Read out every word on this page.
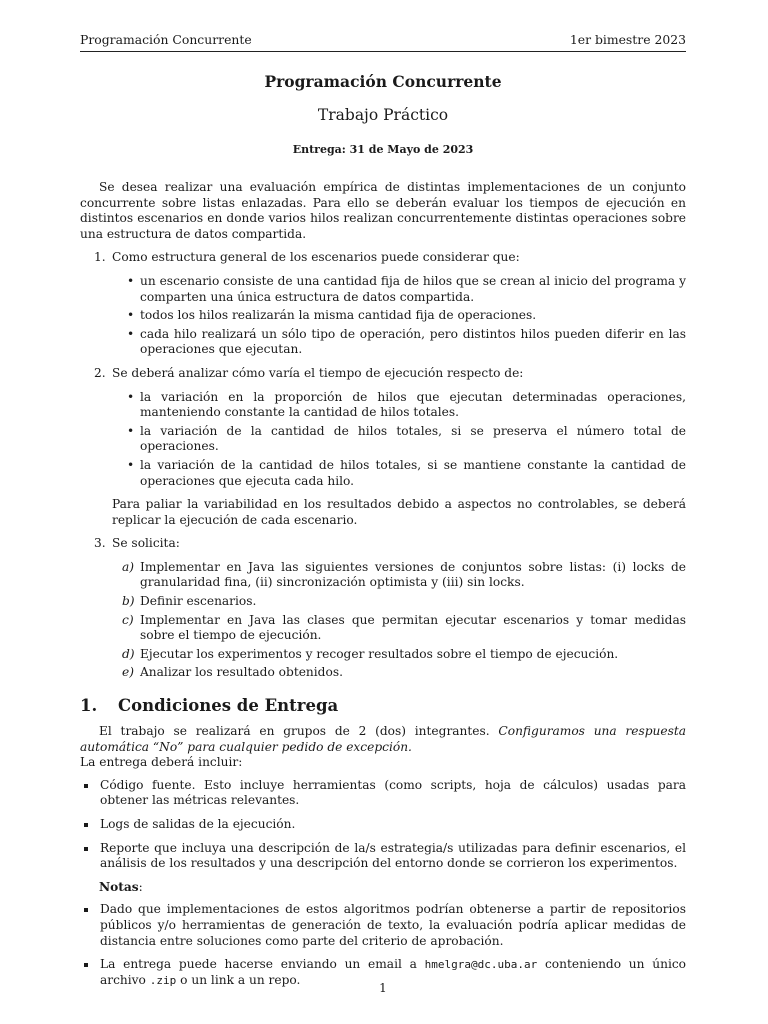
Programación Concurrente	1er bimestre 2023
Programación Concurrente
Trabajo Práctico
Entrega: 31 de Mayo de 2023

Se desea realizar una evaluación empírica de distintas implementaciones de un conjunto concurrente sobre listas enlazadas. Para ello se deberán evaluar los tiempos de ejecución en distintos escenarios en donde varios hilos realizan concurrentemente distintas operaciones sobre una estructura de datos compartida.

1. Como estructura general de los escenarios puede considerar que:

• un escenario consiste de una cantidad fija de hilos que se crean al inicio del programa y comparten una única estructura de datos compartida.
• todos los hilos realizarán la misma cantidad fija de operaciones.
• cada hilo realizará un sólo tipo de operación, pero distintos hilos pueden diferir en las operaciones que ejecutan.
2. Se deberá analizar cómo varía el tiempo de ejecución respecto de:

• la variación en la proporción de hilos que ejecutan determinadas operaciones, manteniendo constante la cantidad de hilos totales.
• la variación de la cantidad de hilos totales, si se preserva el número total de operaciones.
• la variación de la cantidad de hilos totales, si se mantiene constante la cantidad de operaciones que ejecuta cada hilo.

Para paliar la variabilidad en los resultados debido a aspectos no controlables, se deberá replicar la ejecución de cada escenario.

3. Se solicita:

a) Implementar en Java las siguientes versiones de conjuntos sobre listas: (i) locks de granularidad fina, (ii) sincronización optimista y (iii) sin locks.
b) Definir escenarios.
c) Implementar en Java las clases que permitan ejecutar escenarios y tomar medidas sobre el tiempo de ejecución.
d) Ejecutar los experimentos y recoger resultados sobre el tiempo de ejecución.
e) Analizar los resultado obtenidos.
1. Condiciones de Entrega

El trabajo se realizará en grupos de 2 (dos) integrantes. Configuramos una respuesta automática “No” para cualquier pedido de excepción.

La entrega deberá incluir:

Código fuente. Esto incluye herramientas (como scripts, hoja de cálculos) usadas para obtener las métricas relevantes.
Logs de salidas de la ejecución.
Reporte que incluya una descripción de la/s estrategia/s utilizadas para definir escenarios, el análisis de los resultados y una descripción del entorno donde se corrieron los experimentos.

Notas:

Dado que implementaciones de estos algoritmos podrían obtenerse a partir de repositorios públicos y/o herramientas de generación de texto, la evaluación podría aplicar medidas de distancia entre soluciones como parte del criterio de aprobación.
La entrega puede hacerse enviando un email a hmelgra@dc.uba.ar conteniendo un único archivo .zip o un link a un repo.
1
